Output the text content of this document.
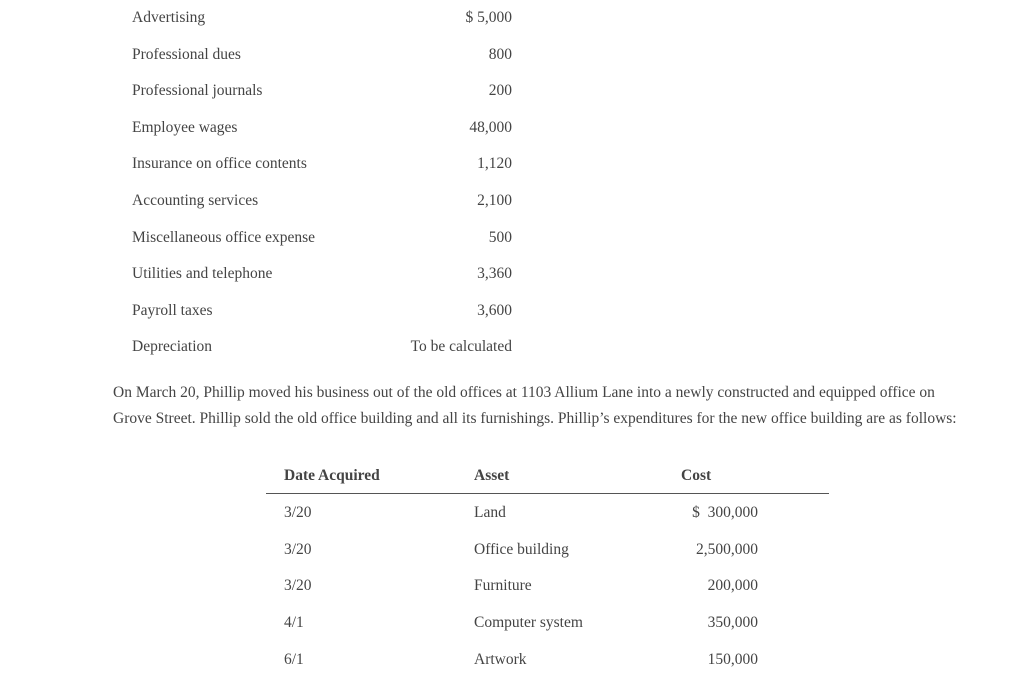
Advertising	$ 5,000
Professional dues	800
Professional journals	200
Employee wages	48,000
Insurance on office contents	1,120
Accounting services	2,100
Miscellaneous office expense	500
Utilities and telephone	3,360
Payroll taxes	3,600
Depreciation	To be calculated

On March 20, Phillip moved his business out of the old offices at 1103 Allium Lane into a newly constructed and equipped office on Grove Street. Phillip sold the old office building and all its furnishings. Phillip’s expenditures for the new office building are as follows:

Date Acquired	Asset	Cost
3/20	Land	$  300,000
3/20	Office building	2,500,000
3/20	Furniture	200,000
4/1	Computer system	350,000
6/1	Artwork	150,000
